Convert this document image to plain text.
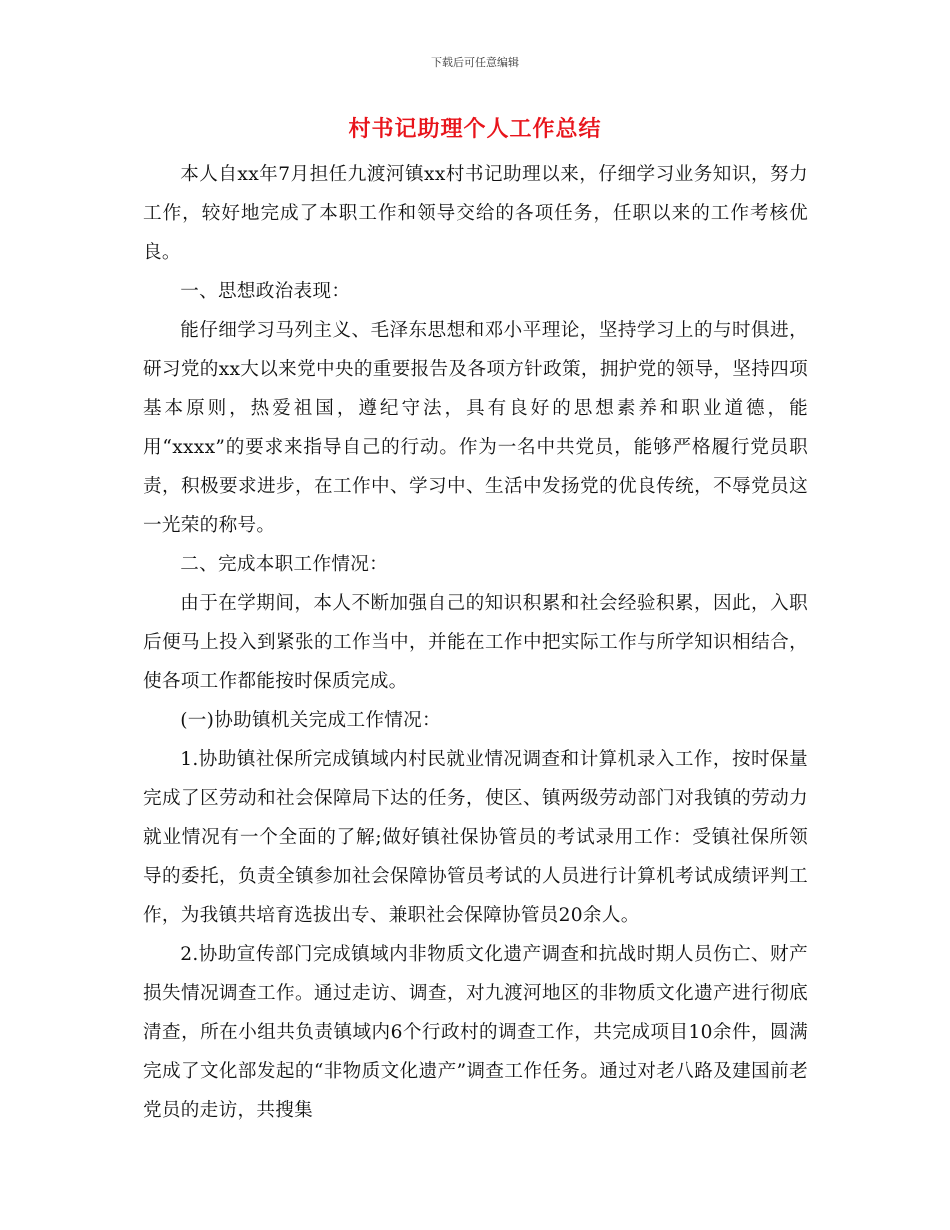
下载后可任意编辑
村书记助理个人工作总结

本人自xx年7月担任九渡河镇xx村书记助理以来，仔细学习业务知识，努力工作，较好地完成了本职工作和领导交给的各项任务，任职以来的工作考核优良。

一、思想政治表现：

能仔细学习马列主义、毛泽东思想和邓小平理论，坚持学习上的与时俱进，研习党的xx大以来党中央的重要报告及各项方针政策，拥护党的领导，坚持四项基本原则，热爱祖国，遵纪守法，具有良好的思想素养和职业道德，能用“xxxx”的要求来指导自己的行动。作为一名中共党员，能够严格履行党员职责，积极要求进步，在工作中、学习中、生活中发扬党的优良传统，不辱党员这一光荣的称号。

二、完成本职工作情况：

由于在学期间，本人不断加强自己的知识积累和社会经验积累，因此，入职后便马上投入到紧张的工作当中，并能在工作中把实际工作与所学知识相结合，使各项工作都能按时保质完成。

(一)协助镇机关完成工作情况：

1.协助镇社保所完成镇域内村民就业情况调查和计算机录入工作，按时保量完成了区劳动和社会保障局下达的任务，使区、镇两级劳动部门对我镇的劳动力就业情况有一个全面的了解;做好镇社保协管员的考试录用工作：受镇社保所领导的委托，负责全镇参加社会保障协管员考试的人员进行计算机考试成绩评判工作，为我镇共培育选拔出专、兼职社会保障协管员20余人。

2.协助宣传部门完成镇域内非物质文化遗产调查和抗战时期人员伤亡、财产损失情况调查工作。通过走访、调查，对九渡河地区的非物质文化遗产进行彻底清查，所在小组共负责镇域内6个行政村的调查工作，共完成项目10余件，圆满完成了文化部发起的“非物质文化遗产”调查工作任务。通过对老八路及建国前老党员的走访，共搜集
